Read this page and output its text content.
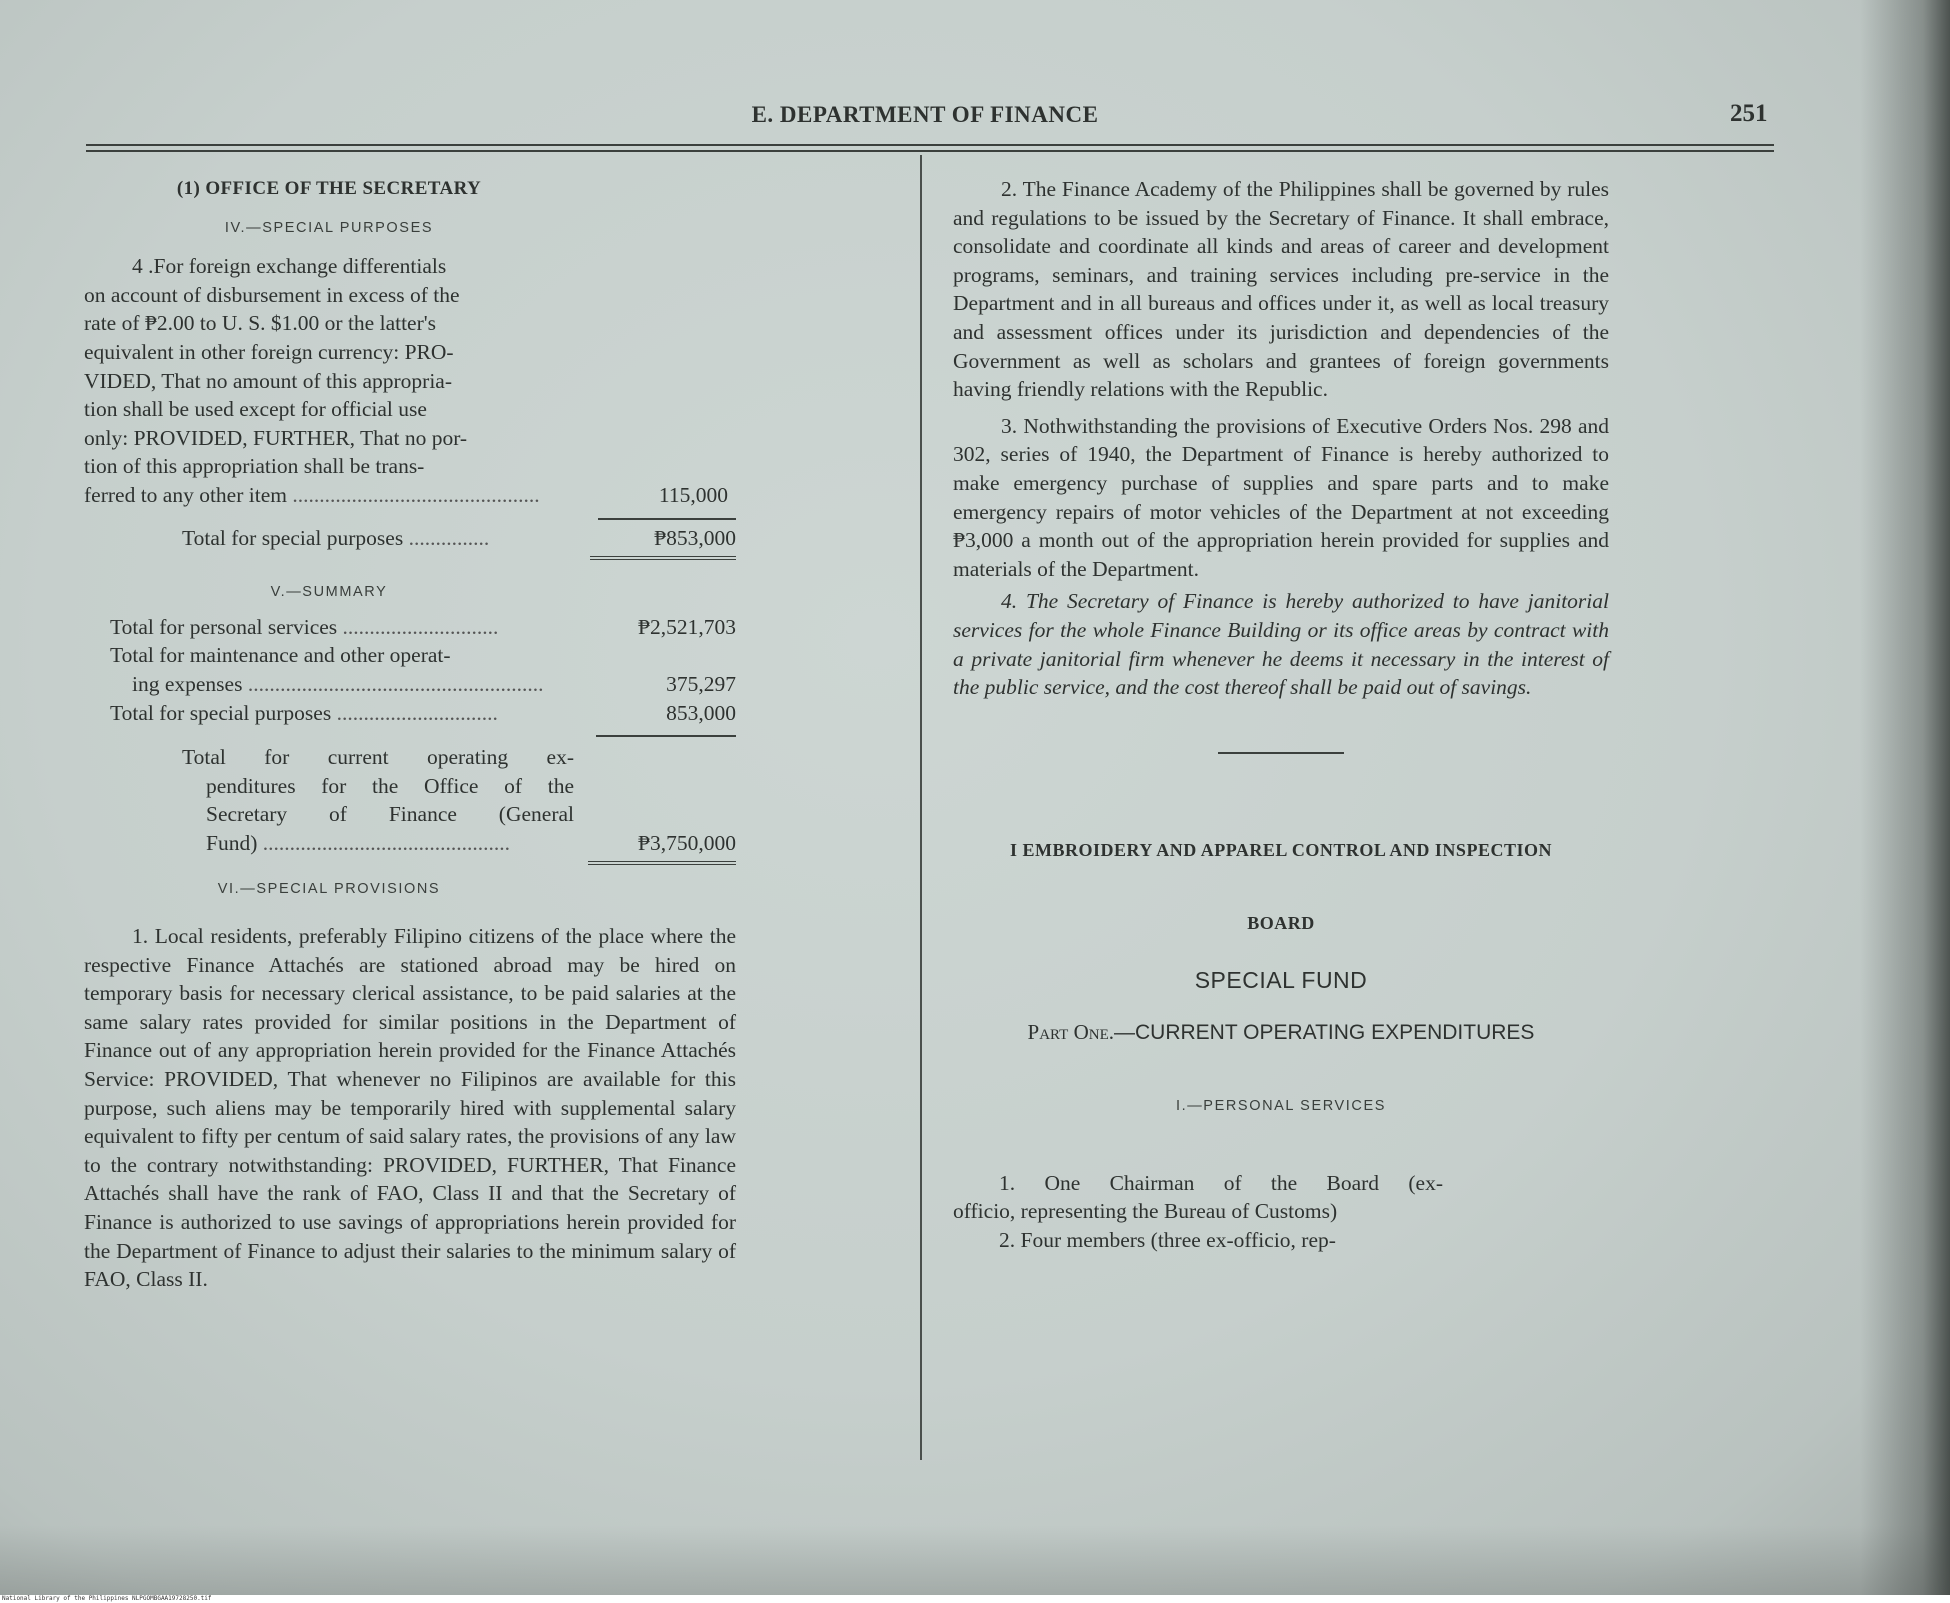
E. DEPARTMENT OF FINANCE	251
(1) OFFICE OF THE SECRETARY
IV.—SPECIAL PURPOSES
4 .For foreign exchange differentials
on account of disbursement in excess of the
rate of ₱2.00 to U. S. $1.00 or the latter's
equivalent in other foreign currency: PRO-
VIDED, That no amount of this appropria-
tion shall be used except for official use
only: PROVIDED, FURTHER, That no por-
tion of this appropriation shall be trans-
ferred to any other item ..............................................	115,000
Total for special purposes ...............	₱853,000
V.—SUMMARY
Total for personal services .............................	₱2,521,703
Total for maintenance and other operat-
ing expenses .......................................................	375,297
Total for special purposes ..............................	853,000
Total for current operating ex-
penditures for the Office of the
Secretary of Finance (General
Fund) ..............................................	₱3,750,000
VI.—SPECIAL PROVISIONS

1. Local residents, preferably Filipino citizens of the place where the respective Finance Attachés are stationed abroad may be hired on temporary basis for necessary clerical assistance, to be paid salaries at the same salary rates provided for similar positions in the Department of Finance out of any appropriation herein provided for the Finance Attachés Service: PROVIDED, That whenever no Filipinos are available for this purpose, such aliens may be temporarily hired with supplemental salary equivalent to fifty per centum of said salary rates, the provisions of any law to the contrary notwithstanding: PROVIDED, FURTHER, That Finance Attachés shall have the rank of FAO, Class II and that the Secretary of Finance is authorized to use savings of appropriations herein provided for the Department of Finance to adjust their salaries to the minimum salary of FAO, Class II.

2. The Finance Academy of the Philippines shall be governed by rules and regulations to be issued by the Secretary of Finance. It shall embrace, consolidate and coordinate all kinds and areas of career and development programs, seminars, and training services including pre-service in the Department and in all bureaus and offices under it, as well as local treasury and assessment offices under its jurisdiction and dependencies of the Government as well as scholars and grantees of foreign governments having friendly relations with the Republic.

3. Nothwithstanding the provisions of Executive Orders Nos. 298 and 302, series of 1940, the Department of Finance is hereby authorized to make emergency purchase of supplies and spare parts and to make emergency repairs of motor vehicles of the Department at not exceeding ₱3,000 a month out of the appropriation herein provided for supplies and materials of the Department.

4. The Secretary of Finance is hereby authorized to have janitorial services for the whole Finance Building or its office areas by contract with a private janitorial firm whenever he deems it necessary in the interest of the public service, and the cost thereof shall be paid out of savings.

I EMBROIDERY AND APPAREL CONTROL AND INSPECTION
BOARD
SPECIAL FUND
Part One.—CURRENT OPERATING EXPENDITURES
I.—PERSONAL SERVICES
1. One Chairman of the Board (ex-
officio, representing the Bureau of Customs)
2. Four members (three ex-officio, rep-
National Library of the Philippines NLPGOMBGAA19728250.tif
